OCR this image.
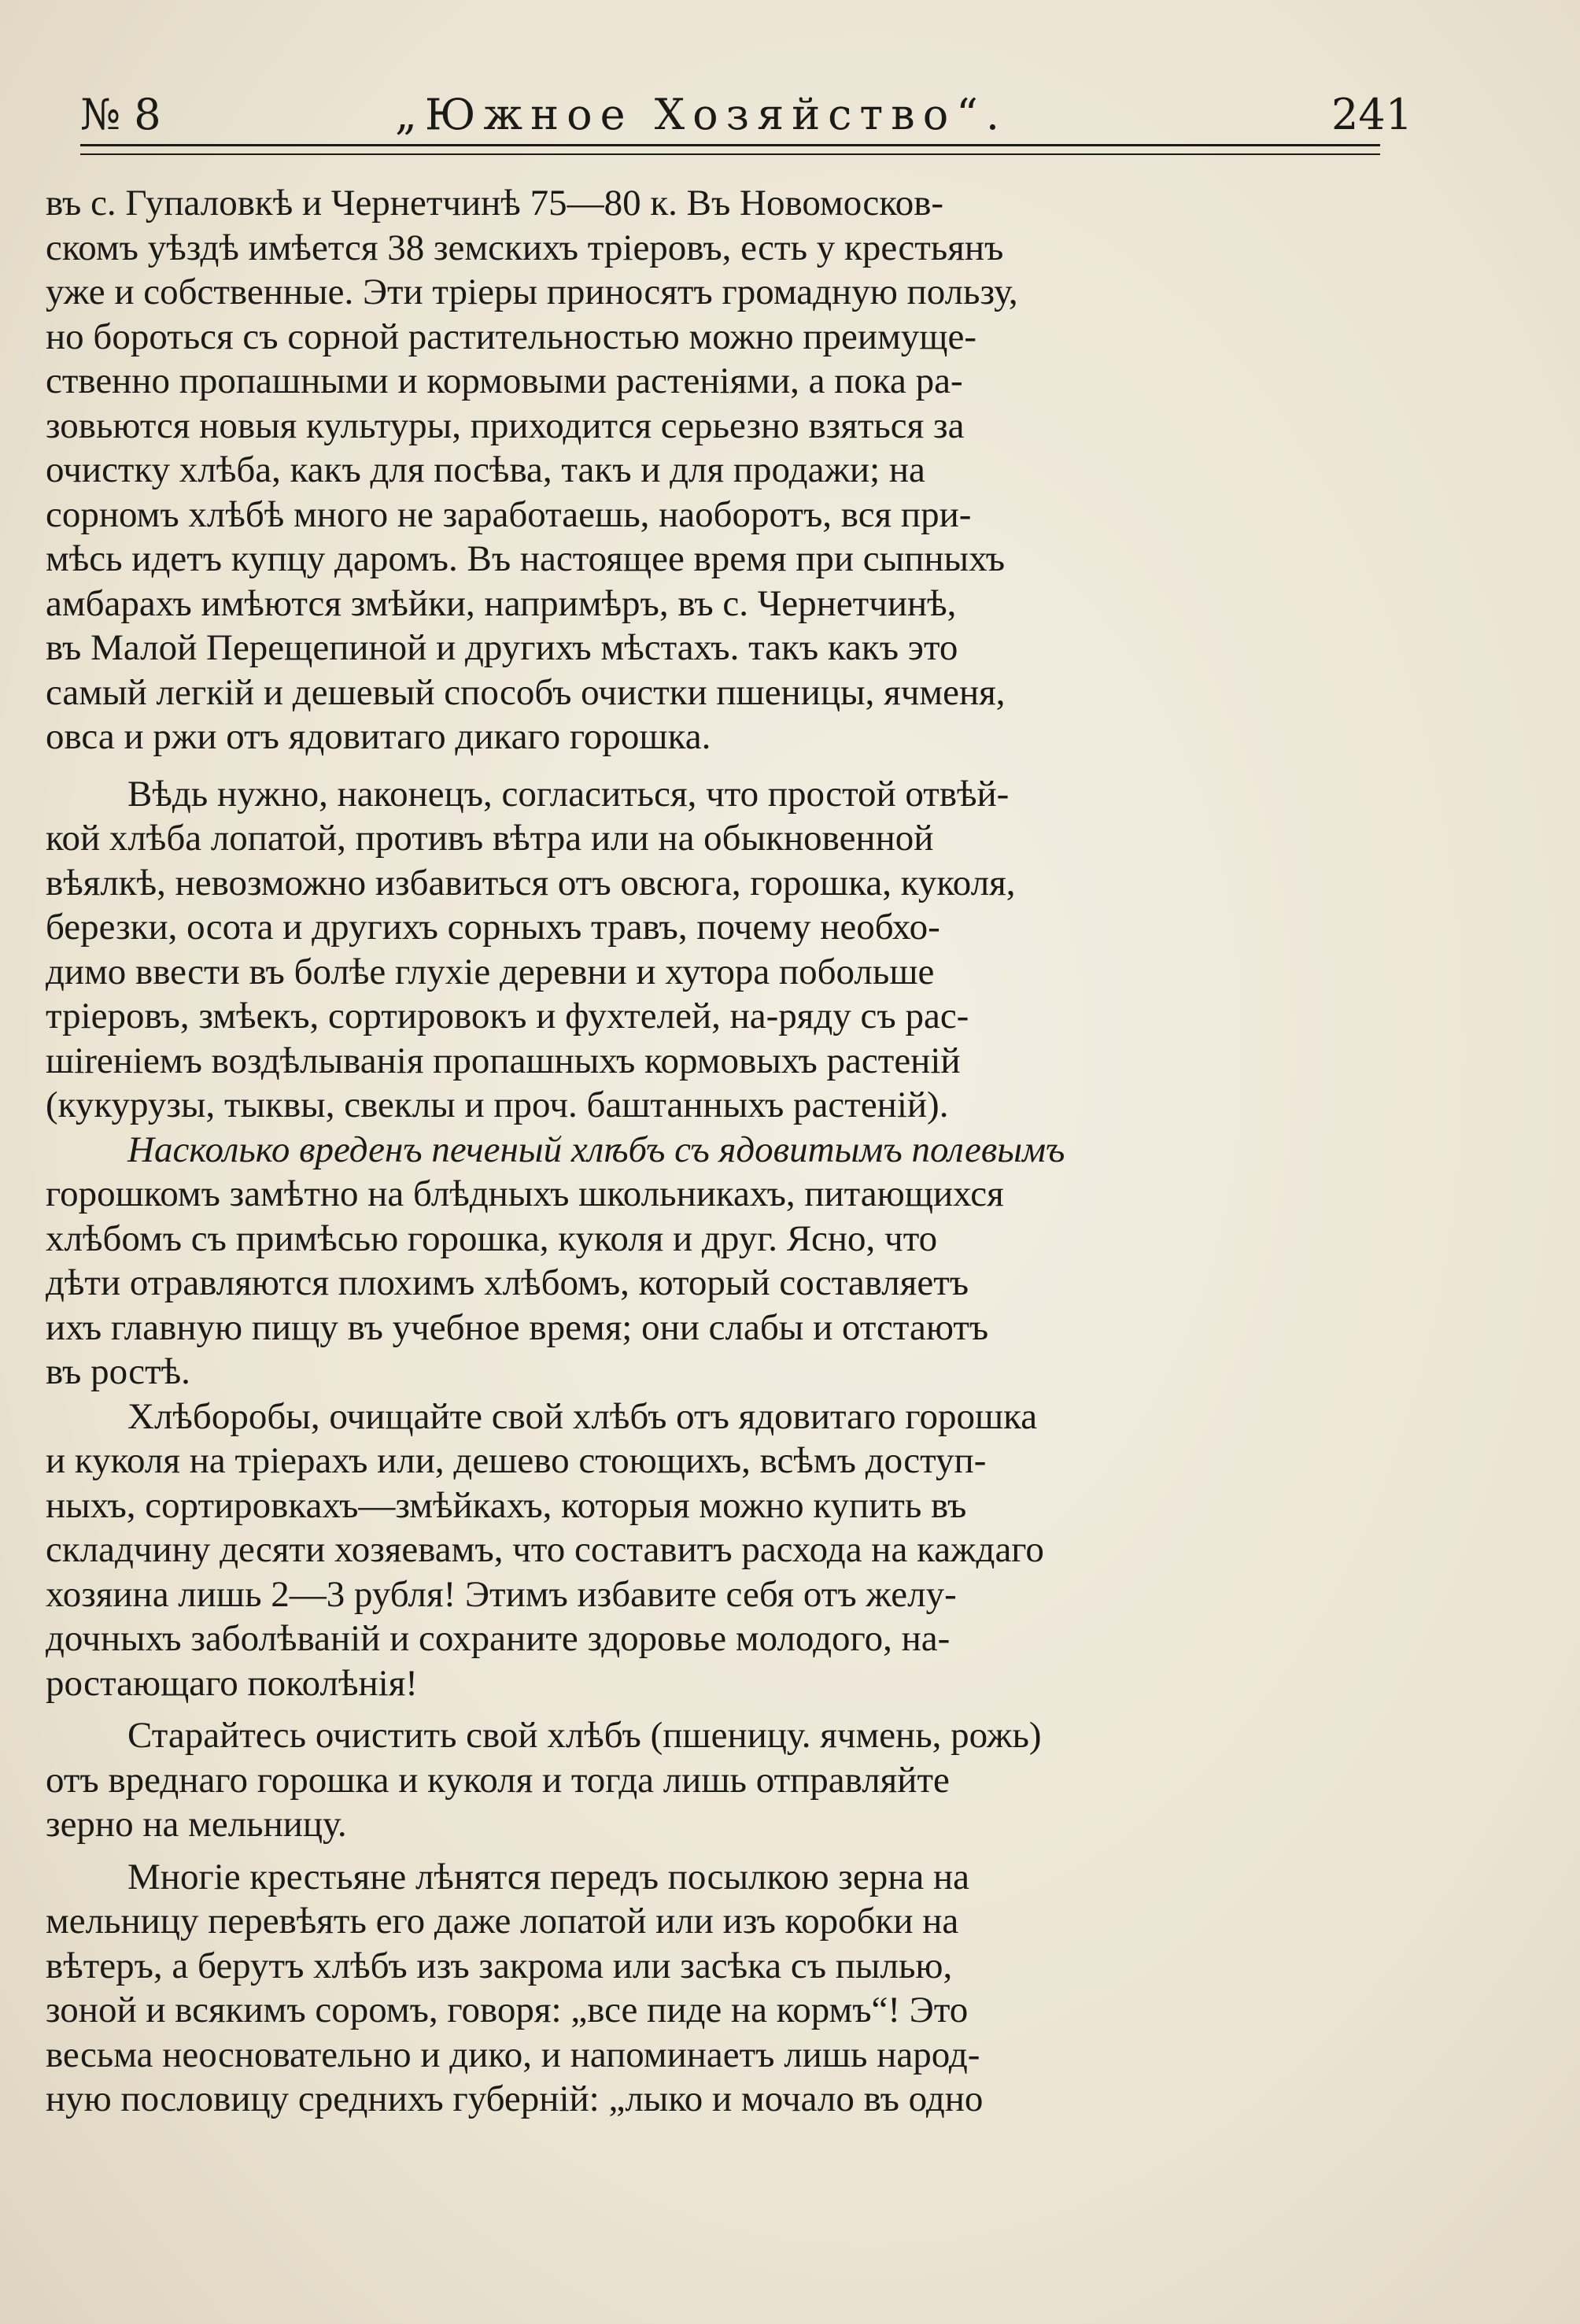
№ 8	„Южное Хозяйство“.	241
въ с. Гупаловкѣ и Чернетчинѣ 75—80 к. Въ Новомосков-
скомъ уѣздѣ имѣется 38 земскихъ тріеровъ, есть у крестьянъ
уже и собственные. Эти тріеры приносятъ громадную пользу,
но бороться съ сорной растительностью можно преимуще-
ственно пропашными и кормовыми растеніями, а пока ра-
зовьются новыя культуры, приходится серьезно взяться за
очистку хлѣба, какъ для посѣва, такъ и для продажи; на
сорномъ хлѣбѣ много не заработаешь, наоборотъ, вся при-
мѣсь идетъ купцу даромъ. Въ настоящее время при сыпныхъ
амбарахъ имѣются змѣйки, напримѣръ, въ с. Чернетчинѣ,
въ Малой Перещепиной и другихъ мѣстахъ. такъ какъ это
самый легкій и дешевый способъ очистки пшеницы, ячменя,
овса и ржи отъ ядовитаго дикаго горошка.
Вѣдь нужно, наконецъ, согласиться, что простой отвѣй-
кой хлѣба лопатой, противъ вѣтра или на обыкновенной
вѣялкѣ, невозможно избавиться отъ овсюга, горошка, куколя,
березки, осота и другихъ сорныхъ травъ, почему необхо-
димо ввести въ болѣе глухіе деревни и хутора побольше
тріеровъ, змѣекъ, сортировокъ и фухтелей, на-ряду съ рас-
шireніемъ воздѣлыванія пропашныхъ кормовыхъ растеній
(кукурузы, тыквы, свеклы и проч. баштанныхъ растеній).
Насколько вреденъ печеный хлѣбъ съ ядовитымъ полевымъ
горошкомъ замѣтно на блѣдныхъ школьникахъ, питающихся
хлѣбомъ съ примѣсью горошка, куколя и друг. Ясно, что
дѣти отравляются плохимъ хлѣбомъ, который составляетъ
ихъ главную пищу въ учебное время; они слабы и отстаютъ
въ ростѣ.
Хлѣборобы, очищайте свой хлѣбъ отъ ядовитаго горошка
и куколя на тріерахъ или, дешево стоющихъ, всѣмъ доступ-
ныхъ, сортировкахъ—змѣйкахъ, которыя можно купить въ
складчину десяти хозяевамъ, что составитъ расхода на каждаго
хозяина лишь 2—3 рубля! Этимъ избавите себя отъ желу-
дочныхъ заболѣваній и сохраните здоровье молодого, на-
ростающаго поколѣнія!
Старайтесь очистить свой хлѣбъ (пшеницу. ячмень, рожь)
отъ вреднаго горошка и куколя и тогда лишь отправляйте
зерно на мельницу.
Многіе крестьяне лѣнятся передъ посылкою зерна на
мельницу перевѣять его даже лопатой или изъ коробки на
вѣтеръ, а берутъ хлѣбъ изъ закрома или засѣка съ пылью,
зоной и всякимъ соромъ, говоря: „все пиде на кормъ“! Это
весьма неосновательно и дико, и напоминаетъ лишь народ-
ную пословицу среднихъ губерній: „лыко и мочало въ одно
